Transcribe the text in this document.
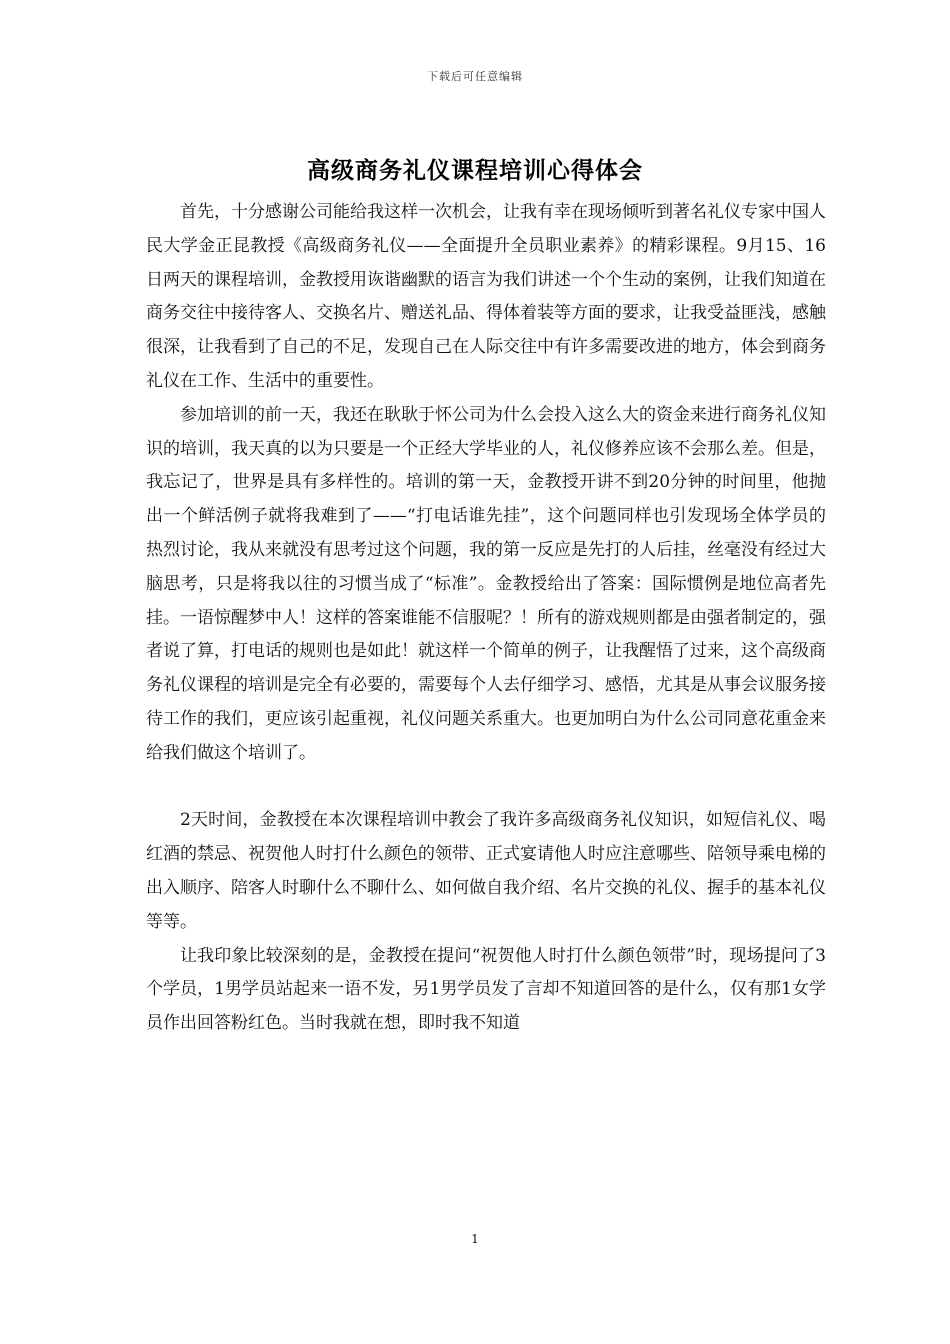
下载后可任意编辑
高级商务礼仪课程培训心得体会

首先，十分感谢公司能给我这样一次机会，让我有幸在现场倾听到著名礼仪专家中国人民大学金正昆教授《高级商务礼仪——全面提升全员职业素养》的精彩课程。9月15、16日两天的课程培训，金教授用诙谐幽默的语言为我们讲述一个个生动的案例，让我们知道在商务交往中接待客人、交换名片、赠送礼品、得体着装等方面的要求，让我受益匪浅，感触很深，让我看到了自己的不足，发现自己在人际交往中有许多需要改进的地方，体会到商务礼仪在工作、生活中的重要性。

参加培训的前一天，我还在耿耿于怀公司为什么会投入这么大的资金来进行商务礼仪知识的培训，我天真的以为只要是一个正经大学毕业的人，礼仪修养应该不会那么差。但是，我忘记了，世界是具有多样性的。培训的第一天，金教授开讲不到20分钟的时间里，他抛出一个鲜活例子就将我难到了——“打电话谁先挂”，这个问题同样也引发现场全体学员的热烈讨论，我从来就没有思考过这个问题，我的第一反应是先打的人后挂，丝毫没有经过大脑思考，只是将我以往的习惯当成了“标准”。金教授给出了答案：国际惯例是地位高者先挂。一语惊醒梦中人！这样的答案谁能不信服呢？！所有的游戏规则都是由强者制定的，强者说了算，打电话的规则也是如此！就这样一个简单的例子，让我醒悟了过来，这个高级商务礼仪课程的培训是完全有必要的，需要每个人去仔细学习、感悟，尤其是从事会议服务接待工作的我们，更应该引起重视，礼仪问题关系重大。也更加明白为什么公司同意花重金来给我们做这个培训了。

2天时间，金教授在本次课程培训中教会了我许多高级商务礼仪知识，如短信礼仪、喝红酒的禁忌、祝贺他人时打什么颜色的领带、正式宴请他人时应注意哪些、陪领导乘电梯的出入顺序、陪客人时聊什么不聊什么、如何做自我介绍、名片交换的礼仪、握手的基本礼仪等等。

让我印象比较深刻的是，金教授在提问“祝贺他人时打什么颜色领带”时，现场提问了3个学员，1男学员站起来一语不发，另1男学员发了言却不知道回答的是什么，仅有那1女学员作出回答粉红色。当时我就在想，即时我不知道

1
